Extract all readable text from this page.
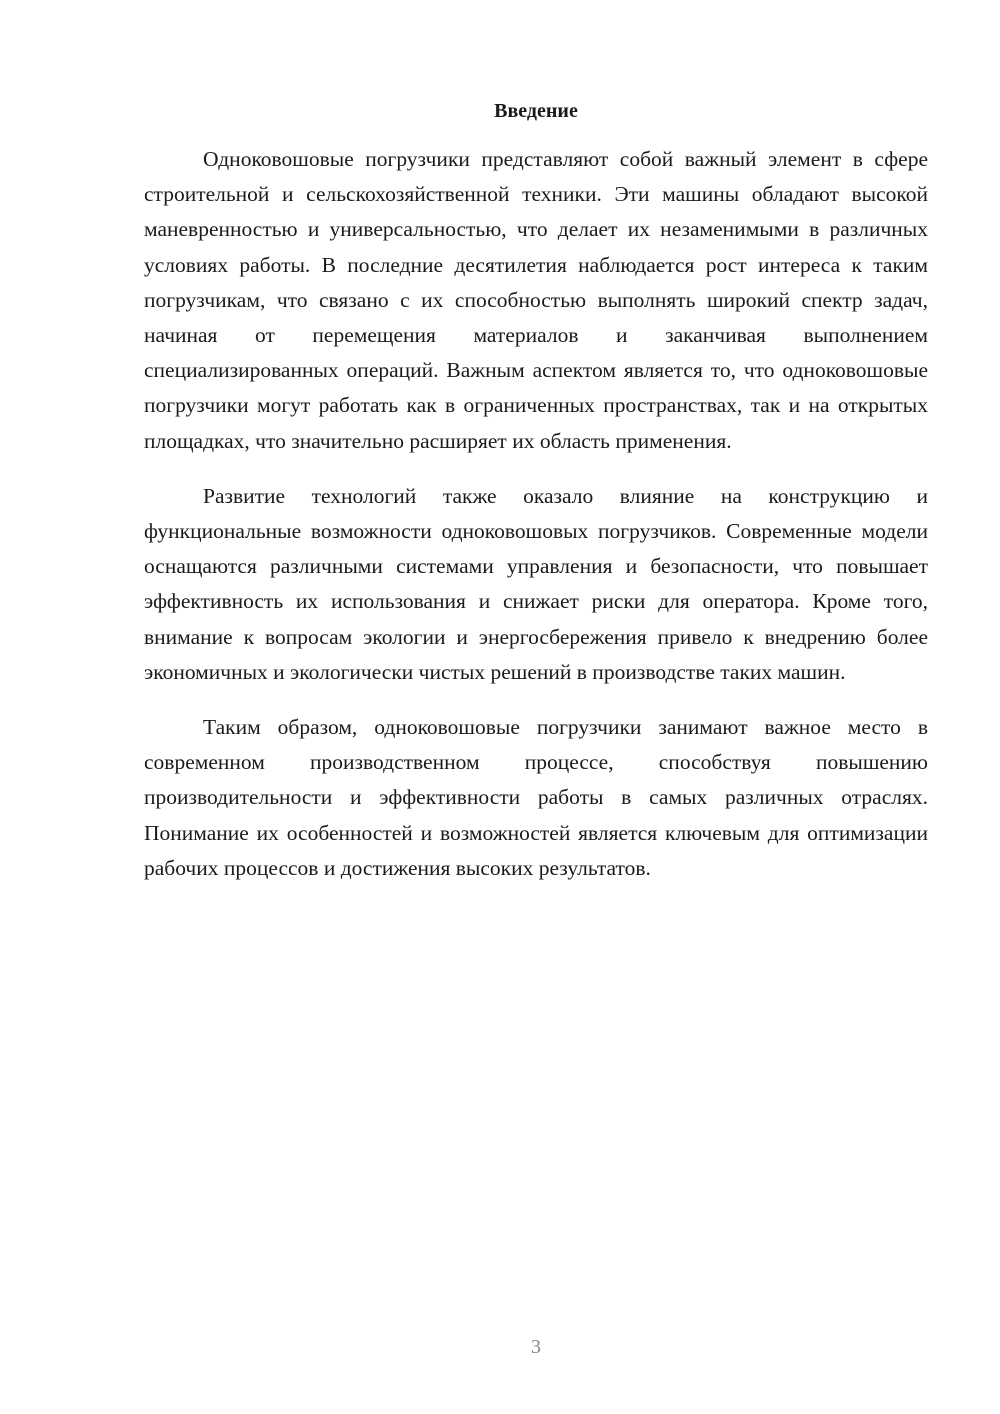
Введение

Одноковошовые погрузчики представляют собой важный элемент в сфере строительной и сельскохозяйственной техники. Эти машины обладают высокой маневренностью и универсальностью, что делает их незаменимыми в различных условиях работы. В последние десятилетия наблюдается рост интереса к таким погрузчикам, что связано с их способностью выполнять широкий спектр задач, начиная от перемещения материалов и заканчивая выполнением специализированных операций. Важным аспектом является то, что одноковошовые погрузчики могут работать как в ограниченных пространствах, так и на открытых площадках, что значительно расширяет их область применения.

Развитие технологий также оказало влияние на конструкцию и функциональные возможности одноковошовых погрузчиков. Современные модели оснащаются различными системами управления и безопасности, что повышает эффективность их использования и снижает риски для оператора. Кроме того, внимание к вопросам экологии и энергосбережения привело к внедрению более экономичных и экологически чистых решений в производстве таких машин.

Таким образом, одноковошовые погрузчики занимают важное место в современном производственном процессе, способствуя повышению производительности и эффективности работы в самых различных отраслях. Понимание их особенностей и возможностей является ключевым для оптимизации рабочих процессов и достижения высоких результатов.

3
